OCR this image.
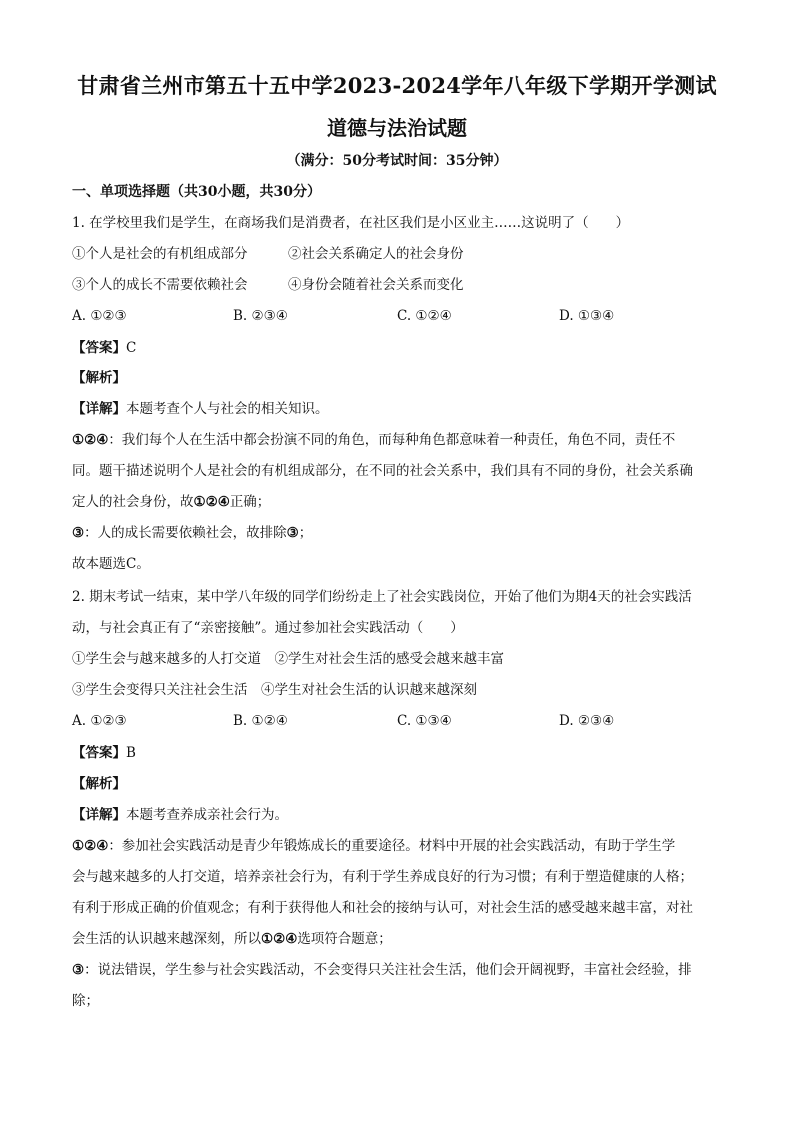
甘肃省兰州市第五十五中学2023-2024学年八年级下学期开学测试
道德与法治试题
（满分：50分考试时间：35分钟）
一、单项选择题（共30小题，共30分）
1. 在学校里我们是学生，在商场我们是消费者，在社区我们是小区业主……这说明了（　　）
①个人是社会的有机组成部分	②社会关系确定人的社会身份
③个人的成长不需要依赖社会	④身份会随着社会关系而变化
A. ①②③	B. ②③④	C. ①②④	D. ①③④
【答案】C
【解析】
【详解】本题考查个人与社会的相关知识。
①②④：我们每个人在生活中都会扮演不同的角色，而每种角色都意味着一种责任，角色不同，责任不
同。题干描述说明个人是社会的有机组成部分，在不同的社会关系中，我们具有不同的身份，社会关系确
定人的社会身份，故①②④正确；
③：人的成长需要依赖社会，故排除③；
故本题选C。
2. 期末考试一结束，某中学八年级的同学们纷纷走上了社会实践岗位，开始了他们为期4天的社会实践活
动，与社会真正有了“亲密接触”。通过参加社会实践活动（　　）
①学生会与越来越多的人打交道　②学生对社会生活的感受会越来越丰富
③学生会变得只关注社会生活　④学生对社会生活的认识越来越深刻
A. ①②③	B. ①②④	C. ①③④	D. ②③④
【答案】B
【解析】
【详解】本题考查养成亲社会行为。
①②④：参加社会实践活动是青少年锻炼成长的重要途径。材料中开展的社会实践活动，有助于学生学
会与越来越多的人打交道，培养亲社会行为，有利于学生养成良好的行为习惯；有利于塑造健康的人格；
有利于形成正确的价值观念；有利于获得他人和社会的接纳与认可，对社会生活的感受越来越丰富，对社
会生活的认识越来越深刻，所以①②④选项符合题意；
③：说法错误，学生参与社会实践活动，不会变得只关注社会生活，他们会开阔视野，丰富社会经验，排
除；
